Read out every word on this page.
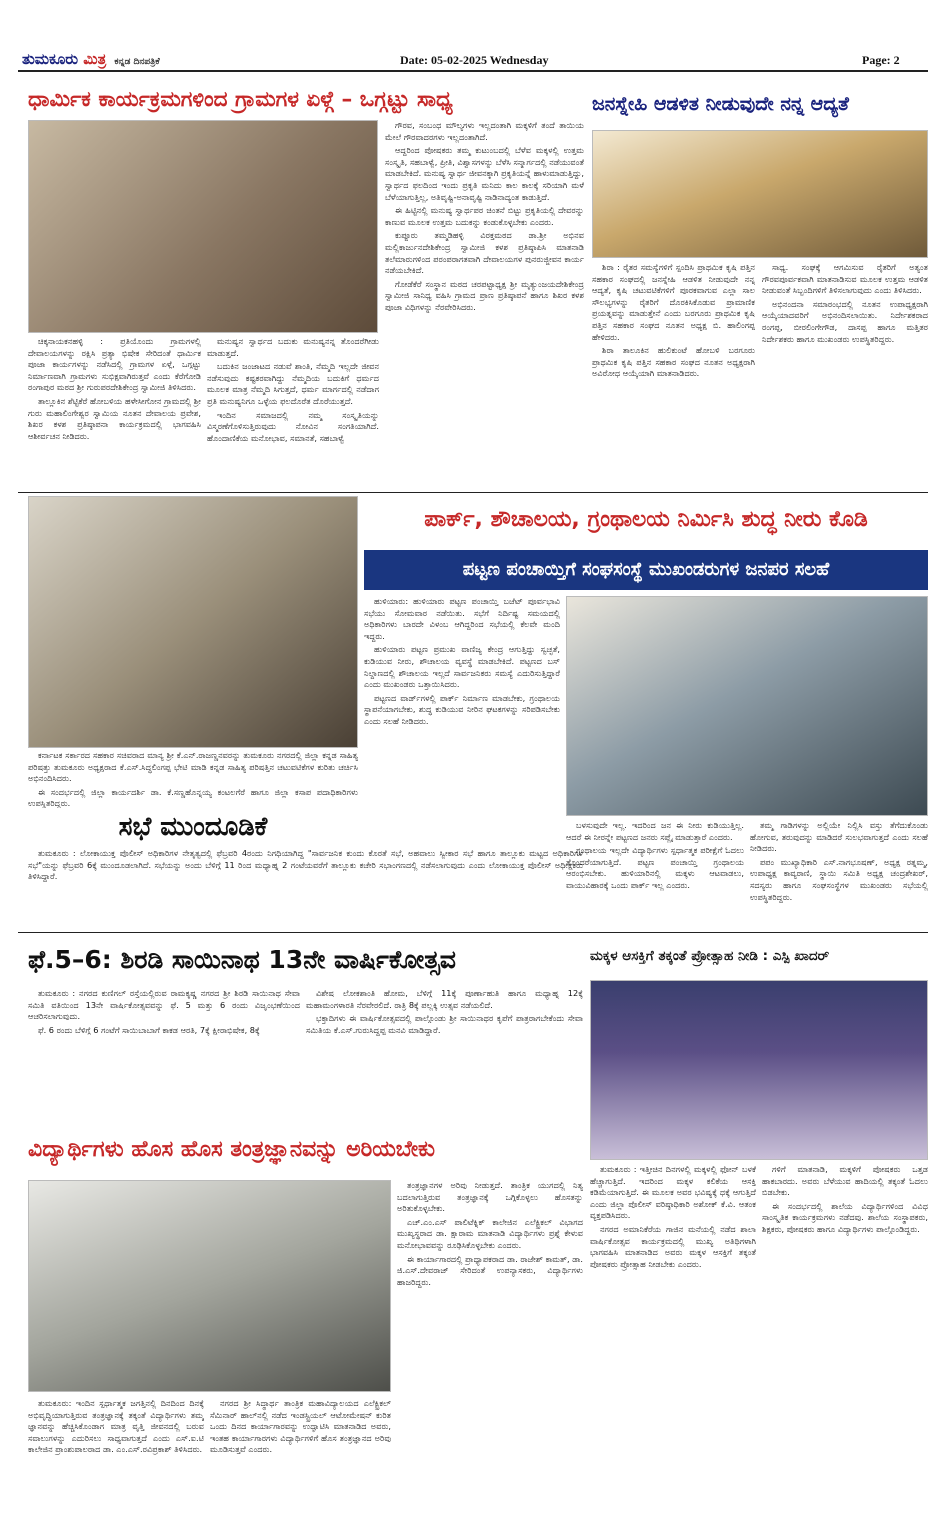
ತುಮಕೂರು ಮಿತ್ರ ಕನ್ನಡ ದಿನಪತ್ರಿಕೆ	Date: 05-02-2025 Wednesday	Page: 2
ಧಾರ್ಮಿಕ ಕಾರ್ಯಕ್ರಮಗಳಿಂದ ಗ್ರಾಮಗಳ ಏಳ್ಗೆ – ಒಗ್ಗಟ್ಟು ಸಾಧ್ಯ

ಚಿಕ್ಕನಾಯಕನಹಳ್ಳಿ : ಪ್ರತಿಯೊಂದು ಗ್ರಾಮಗಳಲ್ಲಿ ದೇವಾಲಯಗಳನ್ನು ರಕ್ಷಿಸಿ ಪ್ರತ್ಯಾ ಭಿಷೇಕ ಸೇರಿದಂತೆ ಧಾರ್ಮಿಕ ಪೂಜಾ ಕಾರ್ಯಗಳನ್ನು ನಡೆಸಿದಲ್ಲಿ ಗ್ರಾಮಗಳ ಏಳ್ಗೆ, ಒಗ್ಗಟ್ಟು ನಿರ್ಮಾಣವಾಗಿ ಗ್ರಾಮಗಳು ಸುಭಿಕ್ಷವಾಗಿರುತ್ತವೆ ಎಂದು ಕೆರೆಗೋಡಿ ರಂಗಾಪುರ ಮಠದ ಶ್ರೀ ಗುರುಪರದೇಶಿಕೇಂದ್ರ ಸ್ವಾಮೀಜಿ ತಿಳಿಸಿದರು.

ತಾಲ್ಲೂಕಿನ ಶೆಟ್ಟಿಕೆರೆ ಹೋಬಳಿಯ ಹಳೇಸೀಗೋನ ಗ್ರಾಮದಲ್ಲಿ ಶ್ರೀ ಗುರು ಮಹಾಲಿಂಗೇಶ್ವರ ಸ್ವಾಮಿಯ ನೂತನ ದೇವಾಲಯ ಪ್ರವೇಶ, ಶಿಖರ ಕಳಶ ಪ್ರತಿಷ್ಠಾಪನಾ ಕಾರ್ಯಕ್ರಮದಲ್ಲಿ ಭಾಗವಹಿಸಿ ಆಶೀರ್ವಚನ ನೀಡಿದರು.

ಮನುಷ್ಯನ ಸ್ವಾರ್ಥದ ಬದುಕು ಮನುಷ್ಯನನ್ನ ತೊಂದರೆಗೀಡು ಮಾಡುತ್ತದೆ.

ಬದುಕಿನ ಜಂಜಾಟದ ನಡುವೆ ಶಾಂತಿ, ನೆಮ್ಮದಿ ಇಲ್ಲದೇ ಜೀವನ ನಡೆಸುವುದು ಕಷ್ಟಕರವಾಗಿದ್ದು ನೆಮ್ಮದಿಯ ಬದುಕಿಗೆ ಧರ್ಮದ ಮೂಲಕ ಮಾತ್ರ ನೆಮ್ಮದಿ ಸಿಗುತ್ತದೆ, ಧರ್ಮ ಮಾರ್ಗದಲ್ಲಿ ನಡೆದಾಗ ಪ್ರತಿ ಮನುಷ್ಯನಿಗೂ ಒಳ್ಳೆಯ ಫಲದೊರೆತ ದೊರೆಯುತ್ತದೆ.

ಇಂದಿನ ಸಮಾಜದಲ್ಲಿ ನಮ್ಮ ಸಂಸ್ಕೃತಿಯನ್ನು ವಿಸ್ಮರಣೆಗೊಳಿಸುತ್ತಿರುವುದು ನೋವಿನ ಸಂಗತಿಯಾಗಿದೆ. ಹೊಂದಾಣಿಕೆಯ ಮನೋಭಾವ, ಸಮಾನತೆ, ಸಹಬಾಳ್ವೆ

ಗೌರವ, ಸಂಬಂಧ ಮೌಲ್ಯಗಳು ಇಲ್ಲದಂತಾಗಿ ಮಕ್ಕಳಿಗೆ ತಂದೆ ತಾಯಿಯ ಮೇಲೆ ಗೌರವಾದರಗಳು ಇಲ್ಲದಂತಾಗಿದೆ.

ಆದ್ದರಿಂದ ಪೋಷಕರು ತಮ್ಮ ಕುಟುಂಬದಲ್ಲಿ ಬೆಳೆವ ಮಕ್ಕಳಲ್ಲಿ ಉತ್ತಮ ಸಂಸ್ಕೃತಿ, ಸಹಬಾಳ್ವೆ, ಪ್ರೀತಿ, ವಿಶ್ವಾಸಗಳನ್ನು ಬೆಳೆಸಿ ಸನ್ಮಾರ್ಗದಲ್ಲಿ ನಡೆಯುವಂತೆ ಮಾಡಬೇಕಿದೆ. ಮನುಷ್ಯ ಸ್ವಾರ್ಥ ಜೀವನಕ್ಕಾಗಿ ಪ್ರಕೃತಿಯನ್ನೆ ಹಾಳುಮಾಡುತ್ತಿದ್ದು, ಸ್ವಾರ್ಥದ ಫಲದಿಂದ ಇಂದು ಪ್ರಕೃತಿ ಮನಿದು ಕಾಲ ಕಾಲಕ್ಕೆ ಸರಿಯಾಗಿ ಮಳೆ ಬೆಳೆಯಾಗುತ್ತಿಲ್ಲ, ಅತಿವೃಷ್ಟಿ-ಅನಾವೃಷ್ಟಿ ನಾಡಿನಾದ್ಯಂತ ಕಾಡುತ್ತಿದೆ.

ಈ ಹಿಟ್ಟಿನಲ್ಲಿ ಮನುಷ್ಯ ಸ್ವಾರ್ಥಪರ ಚಿಂತನೆ ಬಿಟ್ಟು ಪ್ರಕೃತಿಯಲ್ಲಿ ದೇವರನ್ನು ಕಾಣುವ ಮೂಲಕ ಉತ್ತಮ ಬದುಕನ್ನು ಕಂಡುಕೊಳ್ಳಬೇಕು ಎಂದರು.

ಕುಪ್ಪೂರು ತಮ್ಮಡಿಹಳ್ಳಿ ವಿರಕ್ತಮಠದ ಡಾ.ಶ್ರೀ ಅಭಿನವ ಮಲ್ಲಿಕಾರ್ಜುನದೇಶಿಕೇಂದ್ರ ಸ್ವಾಮೀಜಿ ಕಳಶ ಪ್ರತಿಷ್ಠಾಪಿಸಿ ಮಾತನಾಡಿ ತಲೆಮಾರುಗಳಿಂದ ಪರಂಪರಾಗತವಾಗಿ ದೇವಾಲಯಗಳ ಪುನರುಜ್ಜೀವನ ಕಾರ್ಯ ನಡೆಯಬೇಕಿದೆ.

ಗೋಡೆಕೆರೆ ಸಂಸ್ಥಾನ ಮಠದ ಚರಪಟ್ಟಾಧ್ಯಕ್ಷ ಶ್ರೀ ಮೃತ್ಯುಂಜಯದೇಶಿಕೇಂದ್ರ ಸ್ವಾಮೀಜಿ ಸಾನಿಧ್ಯ ವಹಿಸಿ ಗ್ರಾಮದ ಪ್ರಾಣ ಪ್ರತಿಷ್ಠಾಪನೆ ಹಾಗೂ ಶಿಖರ ಕಳಶ ಪೂಜಾ ವಿಧಿಗಳನ್ನು ನೆರವೇರಿಸಿದರು.

ಜನಸ್ನೇಹಿ ಆಡಳಿತ ನೀಡುವುದೇ ನನ್ನ ಆದ್ಯತೆ

ಶಿರಾ : ರೈತರ ಸಮಸ್ಯೆಗಳಿಗೆ ಸ್ಪಂದಿಸಿ ಪ್ರಾಥಮಿಕ ಕೃಷಿ ಪತ್ತಿನ ಸಹಕಾರ ಸಂಘದಲ್ಲಿ ಜನಸ್ನೇಹಿ ಆಡಳಿತ ನೀಡುವುದೇ ನನ್ನ ಆದ್ಯತೆ, ಕೃಷಿ ಚಟುವಟಿಕೆಗಳಿಗೆ ಪೂರಕವಾಗುವ ಎಲ್ಲಾ ಸಾಲ ಸೌಲಭ್ಯಗಳನ್ನು ರೈತರಿಗೆ ದೊರಕಿಸಿಕೊಡುವ ಪ್ರಾಮಾಣಿಕ ಪ್ರಯತ್ನವನ್ನು ಮಾಡುತ್ತೇನೆ ಎಂದು ಬರಗೂರು ಪ್ರಾಥಮಿಕ ಕೃಷಿ ಪತ್ತಿನ ಸಹಕಾರ ಸಂಘದ ನೂತನ ಅಧ್ಯಕ್ಷ ಬಿ. ಹಾಲಿಂಗಪ್ಪ ಹೇಳಿದರು.

ಶಿರಾ ತಾಲೂಕಿನ ಹುಲಿಕುಂಟೆ ಹೋಬಳಿ ಬರಗೂರು ಪ್ರಾಥಮಿಕ ಕೃಷಿ ಪತ್ತಿನ ಸಹಕಾರ ಸಂಘದ ನೂತನ ಅಧ್ಯಕ್ಷರಾಗಿ ಅವಿರೋಧ ಆಯ್ಕೆಯಾಗಿ ಮಾತನಾಡಿದರು.

ಸಾಧ್ಯ. ಸಂಘಕ್ಕೆ ಆಗಮಿಸುವ ರೈತರಿಗೆ ಅತ್ಯಂತ ಗೌರವಪೂರ್ವಕವಾಗಿ ಮಾತನಾಡಿಸುವ ಮೂಲಕ ಉತ್ತಮ ಆಡಳಿತ ನೀಡುವಂತೆ ಸಿಬ್ಬಂದಿಗಳಿಗೆ ತಿಳಿಸಲಾಗುವುದು ಎಂದು ತಿಳಿಸಿದರು.

ಅಭಿನಂದನಾ ಸಮಾರಂಭದಲ್ಲಿ ನೂತನ ಉಪಾಧ್ಯಕ್ಷರಾಗಿ ಆಯ್ಕೆಯಾದವರಿಗೆ ಅಭಿನಂದಿಸಲಾಯಿತು. ನಿರ್ದೇಶಕರಾದ ರಂಗಪ್ಪ, ಬೀರಲಿಂಗೇಗೌಡ, ದಾಸಪ್ಪ ಹಾಗೂ ಮತ್ತಿತರ ನಿರ್ದೇಶಕರು ಹಾಗೂ ಮುಖಂಡರು ಉಪಸ್ಥಿತರಿದ್ದರು.

ಕರ್ನಾಟಕ ಸರ್ಕಾರದ ಸಹಕಾರ ಸಚಿವರಾದ ಮಾನ್ಯ ಶ್ರೀ ಕೆ.ಎನ್.ರಾಜಣ್ಣನವರನ್ನು ತುಮಕೂರು ನಗರದಲ್ಲಿ ಜಿಲ್ಲಾ ಕನ್ನಡ ಸಾಹಿತ್ಯ ಪರಿಷತ್ತು ತುಮಕೂರು ಅಧ್ಯಕ್ಷರಾದ ಕೆ.ಎಸ್.ಸಿದ್ಧಲಿಂಗಪ್ಪ ಭೇಟಿ ಮಾಡಿ ಕನ್ನಡ ಸಾಹಿತ್ಯ ಪರಿಷತ್ತಿನ ಚಟುವಟಿಕೆಗಳ ಕುರಿತು ಚರ್ಚಿಸಿ ಅಭಿನಂದಿಸಿದರು.

ಈ ಸಂದರ್ಭದಲ್ಲಿ ಜಿಲ್ಲಾ ಕಾರ್ಯದರ್ಶಿ ಡಾ. ಕೆ.ಸಣ್ಣಹೊನ್ನಯ್ಯ ಕಂಟಲಗೆರೆ ಹಾಗೂ ಜಿಲ್ಲಾ ಕಸಾಪ ಪದಾಧಿಕಾರಿಗಳು ಉಪಸ್ಥಿತರಿದ್ದರು.

ಸಭೆ ಮುಂದೂಡಿಕೆ

ತುಮಕೂರು : ಲೋಕಾಯುಕ್ತ ಪೊಲೀಸ್ ಅಧಿಕಾರಿಗಳ ನೇತೃತ್ವದಲ್ಲಿ ಫೆಬ್ರವರಿ 4ರಂದು ನಿಗಧಿಯಾಗಿದ್ದ "ಸಾರ್ವಜನಿಕ ಕುಂದು ಕೊರತೆ ಸಭೆ, ಅಹವಾಲು ಸ್ವೀಕಾರ ಸಭೆ ಹಾಗೂ ತಾಲ್ಲೂಕು ಮಟ್ಟದ ಅಧಿಕಾರಿಗಳ ಸಭೆ"ಯನ್ನು ಫೆಬ್ರವರಿ 6ಕ್ಕೆ ಮುಂದೂಡಲಾಗಿದೆ. ಸಭೆಯನ್ನು ಅಂದು ಬೆಳಿಗ್ಗೆ 11 ರಿಂದ ಮಧ್ಯಾಹ್ನ 2 ಗಂಟೆಯವರೆಗೆ ತಾಲ್ಲೂಕು ಕಚೇರಿ ಸಭಾಂಗಣದಲ್ಲಿ ನಡೆಸಲಾಗುವುದು ಎಂದು ಲೋಕಾಯುಕ್ತ ಪೊಲೀಸ್ ಅಧೀಕ್ಷಕರು ತಿಳಿಸಿದ್ದಾರೆ.

ಪಾರ್ಕ್, ಶೌಚಾಲಯ, ಗ್ರಂಥಾಲಯ ನಿರ್ಮಿಸಿ ಶುದ್ಧ ನೀರು ಕೊಡಿ
ಪಟ್ಟಣ ಪಂಚಾಯ್ತಿಗೆ ಸಂಘಸಂಸ್ಥೆ ಮುಖಂಡರುಗಳ ಜನಪರ ಸಲಹೆ

ಹುಳಿಯಾರು: ಹುಳಿಯಾರು ಪಟ್ಟಣ ಪಂಚಾಯ್ತಿ ಬಜೆಟ್ ಪೂರ್ವಭಾವಿ ಸಭೆಯು ಸೋಮವಾರ ನಡೆಯಿತು. ಸಭೆಗೆ ನಿರ್ದಿಷ್ಟ ಸಮಯದಲ್ಲಿ ಅಧಿಕಾರಿಗಳು ಬಾರದೇ ವಿಳಂಬ ಆಗಿದ್ದರಿಂದ ಸಭೆಯಲ್ಲಿ ಕೆಲವೇ ಮಂದಿ ಇದ್ದರು.

ಹುಳಿಯಾರು ಪಟ್ಟಣ ಪ್ರಮುಖ ವಾಣಿಜ್ಯ ಕೇಂದ್ರ ಆಗುತ್ತಿದ್ದು ಸ್ವಚ್ಛತೆ, ಕುಡಿಯುವ ನೀರು, ಶೌಚಾಲಯ ವ್ಯವಸ್ಥೆ ಮಾಡಬೇಕಿದೆ. ಪಟ್ಟಣದ ಬಸ್ ನಿಲ್ದಾಣದಲ್ಲಿ ಶೌಚಾಲಯ ಇಲ್ಲದೆ ಸಾರ್ವಜನಿಕರು ಸಮಸ್ಯೆ ಎದುರಿಸುತ್ತಿದ್ದಾರೆ ಎಂದು ಮುಖಂಡರು ಒತ್ತಾಯಿಸಿದರು.

ಪಟ್ಟಣದ ವಾರ್ಡ್‌ಗಳಲ್ಲಿ ಪಾರ್ಕ್ ನಿರ್ಮಾಣ ಮಾಡಬೇಕು, ಗ್ರಂಥಾಲಯ ಸ್ಥಾಪನೆಯಾಗಬೇಕು, ಶುದ್ಧ ಕುಡಿಯುವ ನೀರಿನ ಘಟಕಗಳನ್ನು ಸರಿಪಡಿಸಬೇಕು ಎಂದು ಸಲಹೆ ನೀಡಿದರು.

ಬಳಸುವುದೇ ಇಲ್ಲ. ಇದರಿಂದ ಜನ ಈ ನೀರು ಕುಡಿಯುತ್ತಿಲ್ಲ. ಆದರೆ ಈ ನೀರನ್ನೇ ಪಟ್ಟಣದ ಜನರು ಸಪ್ಲೈ ಮಾಡುತ್ತಾರೆ ಎಂದರು.

ಗ್ರಂಥಾಲಯ ಇಲ್ಲದೇ ವಿದ್ಯಾರ್ಥಿಗಳು ಸ್ಪರ್ಧಾತ್ಮಕ ಪರೀಕ್ಷೆಗೆ ಓದಲು ತೊಂದರೆಯಾಗುತ್ತಿದೆ. ಪಟ್ಟಣ ಪಂಚಾಯ್ತಿ ಗ್ರಂಥಾಲಯ ಆರಂಭಿಸಬೇಕು. ಹುಳಿಯಾರಿನಲ್ಲಿ ಮಕ್ಕಳು ಆಟವಾಡಲು, ವಾಯುವಿಹಾರಕ್ಕೆ ಒಂದು ಪಾರ್ಕ್ ಇಲ್ಲ ಎಂದರು.

ತಮ್ಮ ಗಾಡಿಗಳನ್ನು ಅಲ್ಲಿಯೇ ನಿಲ್ಲಿಸಿ ವಸ್ತು ತೆಗೆದುಕೊಂಡು ಹೋಗುವ, ತರುವುದನ್ನು ಮಾಡಿದರೆ ಸುಲಭವಾಗುತ್ತದೆ ಎಂದು ಸಲಹೆ ನೀಡಿದರು.

ಪಪಂ ಮುಖ್ಯಾಧಿಕಾರಿ ಎಸ್.ನಾಗಭೂಷಣ್, ಅಧ್ಯಕ್ಷ ರತ್ನಮ್ಮ, ಉಪಾಧ್ಯಕ್ಷ ಕಾವ್ಯರಾಣಿ, ಸ್ಥಾಯಿ ಸಮಿತಿ ಅಧ್ಯಕ್ಷ ಚಂದ್ರಶೇಖರ್, ಸದಸ್ಯರು ಹಾಗೂ ಸಂಘಸಂಸ್ಥೆಗಳ ಮುಖಂಡರು ಸಭೆಯಲ್ಲಿ ಉಪಸ್ಥಿತರಿದ್ದರು.

ಫೆ.5–6: ಶಿರಡಿ ಸಾಯಿನಾಥ 13ನೇ ವಾರ್ಷಿಕೋತ್ಸವ

ತುಮಕೂರು : ನಗರದ ಕುಣಿಗಲ್ ರಸ್ತೆಯಲ್ಲಿರುವ ರಾಮಕೃಷ್ಣ ನಗರದ ಶ್ರೀ ಶಿರಡಿ ಸಾಯಿನಾಥ ಸೇವಾ ಸಮಿತಿ ವತಿಯಿಂದ 13ನೇ ವಾರ್ಷಿಕೋತ್ಸವವನ್ನು ಫೆ. 5 ಮತ್ತು 6 ರಂದು ವಿಜೃಂಭಣೆಯಿಂದ ಆಚರಿಸಲಾಗುವುದು.

ಫೆ. 6 ರಂದು ಬೆಳಿಗ್ಗೆ 6 ಗಂಟೆಗೆ ಸಾಯಿಬಾಬಾಗೆ ಕಾಕಡ ಆರತಿ, 7ಕ್ಕೆ ಕ್ಷೀರಾಭಿಷೇಕ, 8ಕ್ಕೆ

ವಿಶೇಷ ಲೋಕಶಾಂತಿ ಹೋಮ, ಬೆಳಿಗ್ಗೆ 11ಕ್ಕೆ ಪೂರ್ಣಾಹುತಿ ಹಾಗೂ ಮಧ್ಯಾಹ್ನ 12ಕ್ಕೆ ಮಹಾಮಂಗಳಾರತಿ ನೆರವೇರಲಿದೆ. ರಾತ್ರಿ 8ಕ್ಕೆ ಪಲ್ಲಕ್ಕಿ ಉತ್ಸವ ನಡೆಯಲಿದೆ.

ಭಕ್ತಾದಿಗಳು ಈ ವಾರ್ಷಿಕೋತ್ಸವದಲ್ಲಿ ಪಾಲ್ಗೊಂಡು ಶ್ರೀ ಸಾಯಿನಾಥರ ಕೃಪೆಗೆ ಪಾತ್ರರಾಗಬೇಕೆಂದು ಸೇವಾ ಸಮಿತಿಯ ಕೆ.ಎಸ್.ಗುರುಸಿದ್ದಪ್ಪ ಮನವಿ ಮಾಡಿದ್ದಾರೆ.

ಮಕ್ಕಳ ಆಸಕ್ತಿಗೆ ತಕ್ಕಂತೆ ಪ್ರೋತ್ಸಾಹ ನೀಡಿ : ಎಸ್ಪಿ ಖಾದರ್

ತುಮಕೂರು : ಇತ್ತೀಚಿನ ದಿನಗಳಲ್ಲಿ ಮಕ್ಕಳಲ್ಲಿ ಫೋನ್ ಬಳಕೆ ಹೆಚ್ಚಾಗುತ್ತಿದೆ. ಇದರಿಂದ ಮಕ್ಕಳ ಕಲಿಕೆಯ ಆಸಕ್ತಿ ಕಡಿಮೆಯಾಗುತ್ತಿದೆ. ಈ ಮೂಲಕ ಅವರ ಭವಿಷ್ಯಕ್ಕೆ ಧಕ್ಕೆ ಆಗುತ್ತಿದೆ ಎಂದು ಜಿಲ್ಲಾ ಪೊಲೀಸ್ ವರಿಷ್ಠಾಧಿಕಾರಿ ಅಶೋಕ್ ಕೆ.ವಿ. ಆತಂಕ ವ್ಯಕ್ತಪಡಿಸಿದರು.

ನಗರದ ಅಮಾನಿಕೆರೆಯ ಗಾಜಿನ ಮನೆಯಲ್ಲಿ ನಡೆದ ಶಾಲಾ ವಾರ್ಷಿಕೋತ್ಸವ ಕಾರ್ಯಕ್ರಮದಲ್ಲಿ ಮುಖ್ಯ ಅತಿಥಿಗಳಾಗಿ ಭಾಗವಹಿಸಿ ಮಾತನಾಡಿದ ಅವರು ಮಕ್ಕಳ ಆಸಕ್ತಿಗೆ ತಕ್ಕಂತೆ ಪೋಷಕರು ಪ್ರೋತ್ಸಾಹ ನೀಡಬೇಕು ಎಂದರು.

ಗಳಿಗೆ ಮಾತನಾಡಿ, ಮಕ್ಕಳಿಗೆ ಪೋಷಕರು ಒತ್ತಡ ಹಾಕಬಾರದು. ಅವರು ಬೆಳೆಯುವ ಹಾದಿಯಲ್ಲಿ ತಕ್ಕಂತೆ ಓದಲು ಬಿಡಬೇಕು.

ಈ ಸಂದರ್ಭದಲ್ಲಿ ಶಾಲೆಯ ವಿದ್ಯಾರ್ಥಿಗಳಿಂದ ವಿವಿಧ ಸಾಂಸ್ಕೃತಿಕ ಕಾರ್ಯಕ್ರಮಗಳು ನಡೆದವು. ಶಾಲೆಯ ಸಂಸ್ಥಾಪಕರು, ಶಿಕ್ಷಕರು, ಪೋಷಕರು ಹಾಗೂ ವಿದ್ಯಾರ್ಥಿಗಳು ಪಾಲ್ಗೊಂಡಿದ್ದರು.

ವಿದ್ಯಾರ್ಥಿಗಳು ಹೊಸ ಹೊಸ ತಂತ್ರಜ್ಞಾನವನ್ನು ಅರಿಯಬೇಕು

ತಂತ್ರಜ್ಞಾನಗಳ ಅರಿವು ನೀಡುತ್ತದೆ. ತಾಂತ್ರಿಕ ಯುಗದಲ್ಲಿ ನಿತ್ಯ ಬದಲಾಗುತ್ತಿರುವ ತಂತ್ರಜ್ಞಾನಕ್ಕೆ ಒಗ್ಗಿಕೊಳ್ಳಲು ಹೊಸತನ್ನು ಅರಿತುಕೊಳ್ಳಬೇಕು.

ಎಚ್.ಎಂ.ಎಸ್ ಪಾಲಿಟೆಕ್ನಿಕ್ ಕಾಲೇಜಿನ ಎಲೆಕ್ಟ್ರಿಕಲ್ ವಿಭಾಗದ ಮುಖ್ಯಸ್ಥರಾದ ಡಾ. ಕ್ಷಾರಾಮ ಮಾತನಾಡಿ ವಿದ್ಯಾರ್ಥಿಗಳು ಪ್ರಶ್ನೆ ಕೇಳುವ ಮನೋಭಾವವನ್ನು ರೂಢಿಸಿಕೊಳ್ಳಬೇಕು ಎಂದರು.

ಈ ಕಾರ್ಯಾಗಾರದಲ್ಲಿ ಪ್ರಾಧ್ಯಾಪಕರಾದ ಡಾ. ರಾಜೇಶ್ ಕಾಮತ್, ಡಾ. ಜಿ.ಎಸ್.ದೇವರಾಜ್ ಸೇರಿದಂತೆ ಉಪನ್ಯಾಸಕರು, ವಿದ್ಯಾರ್ಥಿಗಳು ಹಾಜರಿದ್ದರು.

ತುಮಕೂರು: ಇಂದಿನ ಸ್ಪರ್ಧಾತ್ಮಕ ಜಗತ್ತಿನಲ್ಲಿ ದಿನದಿಂದ ದಿನಕ್ಕೆ ಅಭಿವೃದ್ಧಿಯಾಗುತ್ತಿರುವ ತಂತ್ರಜ್ಞಾನಕ್ಕೆ ತಕ್ಕಂತೆ ವಿದ್ಯಾರ್ಥಿಗಳು ತಮ್ಮ ಜ್ಞಾನವನ್ನು ಹೆಚ್ಚಿಸಿಕೊಂಡಾಗ ಮಾತ್ರ ವೃತ್ತಿ ಜೀವನದಲ್ಲಿ ಬರುವ ಸವಾಲುಗಳನ್ನು ಎದುರಿಸಲು ಸಾಧ್ಯವಾಗುತ್ತದೆ ಎಂದು ಎಸ್.ಐ.ಟಿ ಕಾಲೇಜಿನ ಪ್ರಾಂಶುಪಾಲರಾದ ಡಾ. ಎಂ.ಎಸ್.ರವಿಪ್ರಕಾಶ್ ತಿಳಿಸಿದರು.

ನಗರದ ಶ್ರೀ ಸಿದ್ಧಾರ್ಥ ತಾಂತ್ರಿಕ ಮಹಾವಿದ್ಯಾಲಯದ ಎಲೆಕ್ಟ್ರಿಕಲ್ ಸೆಮಿನಾರ್ ಹಾಲ್‌ನಲ್ಲಿ ನಡೆದ ಇಂಡಸ್ಟ್ರಿಯಲ್ ಆಟೋಮೇಷನ್ ಕುರಿತ ಒಂದು ದಿನದ ಕಾರ್ಯಾಗಾರವನ್ನು ಉದ್ಘಾಟಿಸಿ ಮಾತನಾಡಿದ ಅವರು, ಇಂತಹ ಕಾರ್ಯಾಗಾರಗಳು ವಿದ್ಯಾರ್ಥಿಗಳಿಗೆ ಹೊಸ ತಂತ್ರಜ್ಞಾನದ ಅರಿವು ಮೂಡಿಸುತ್ತವೆ ಎಂದರು.
